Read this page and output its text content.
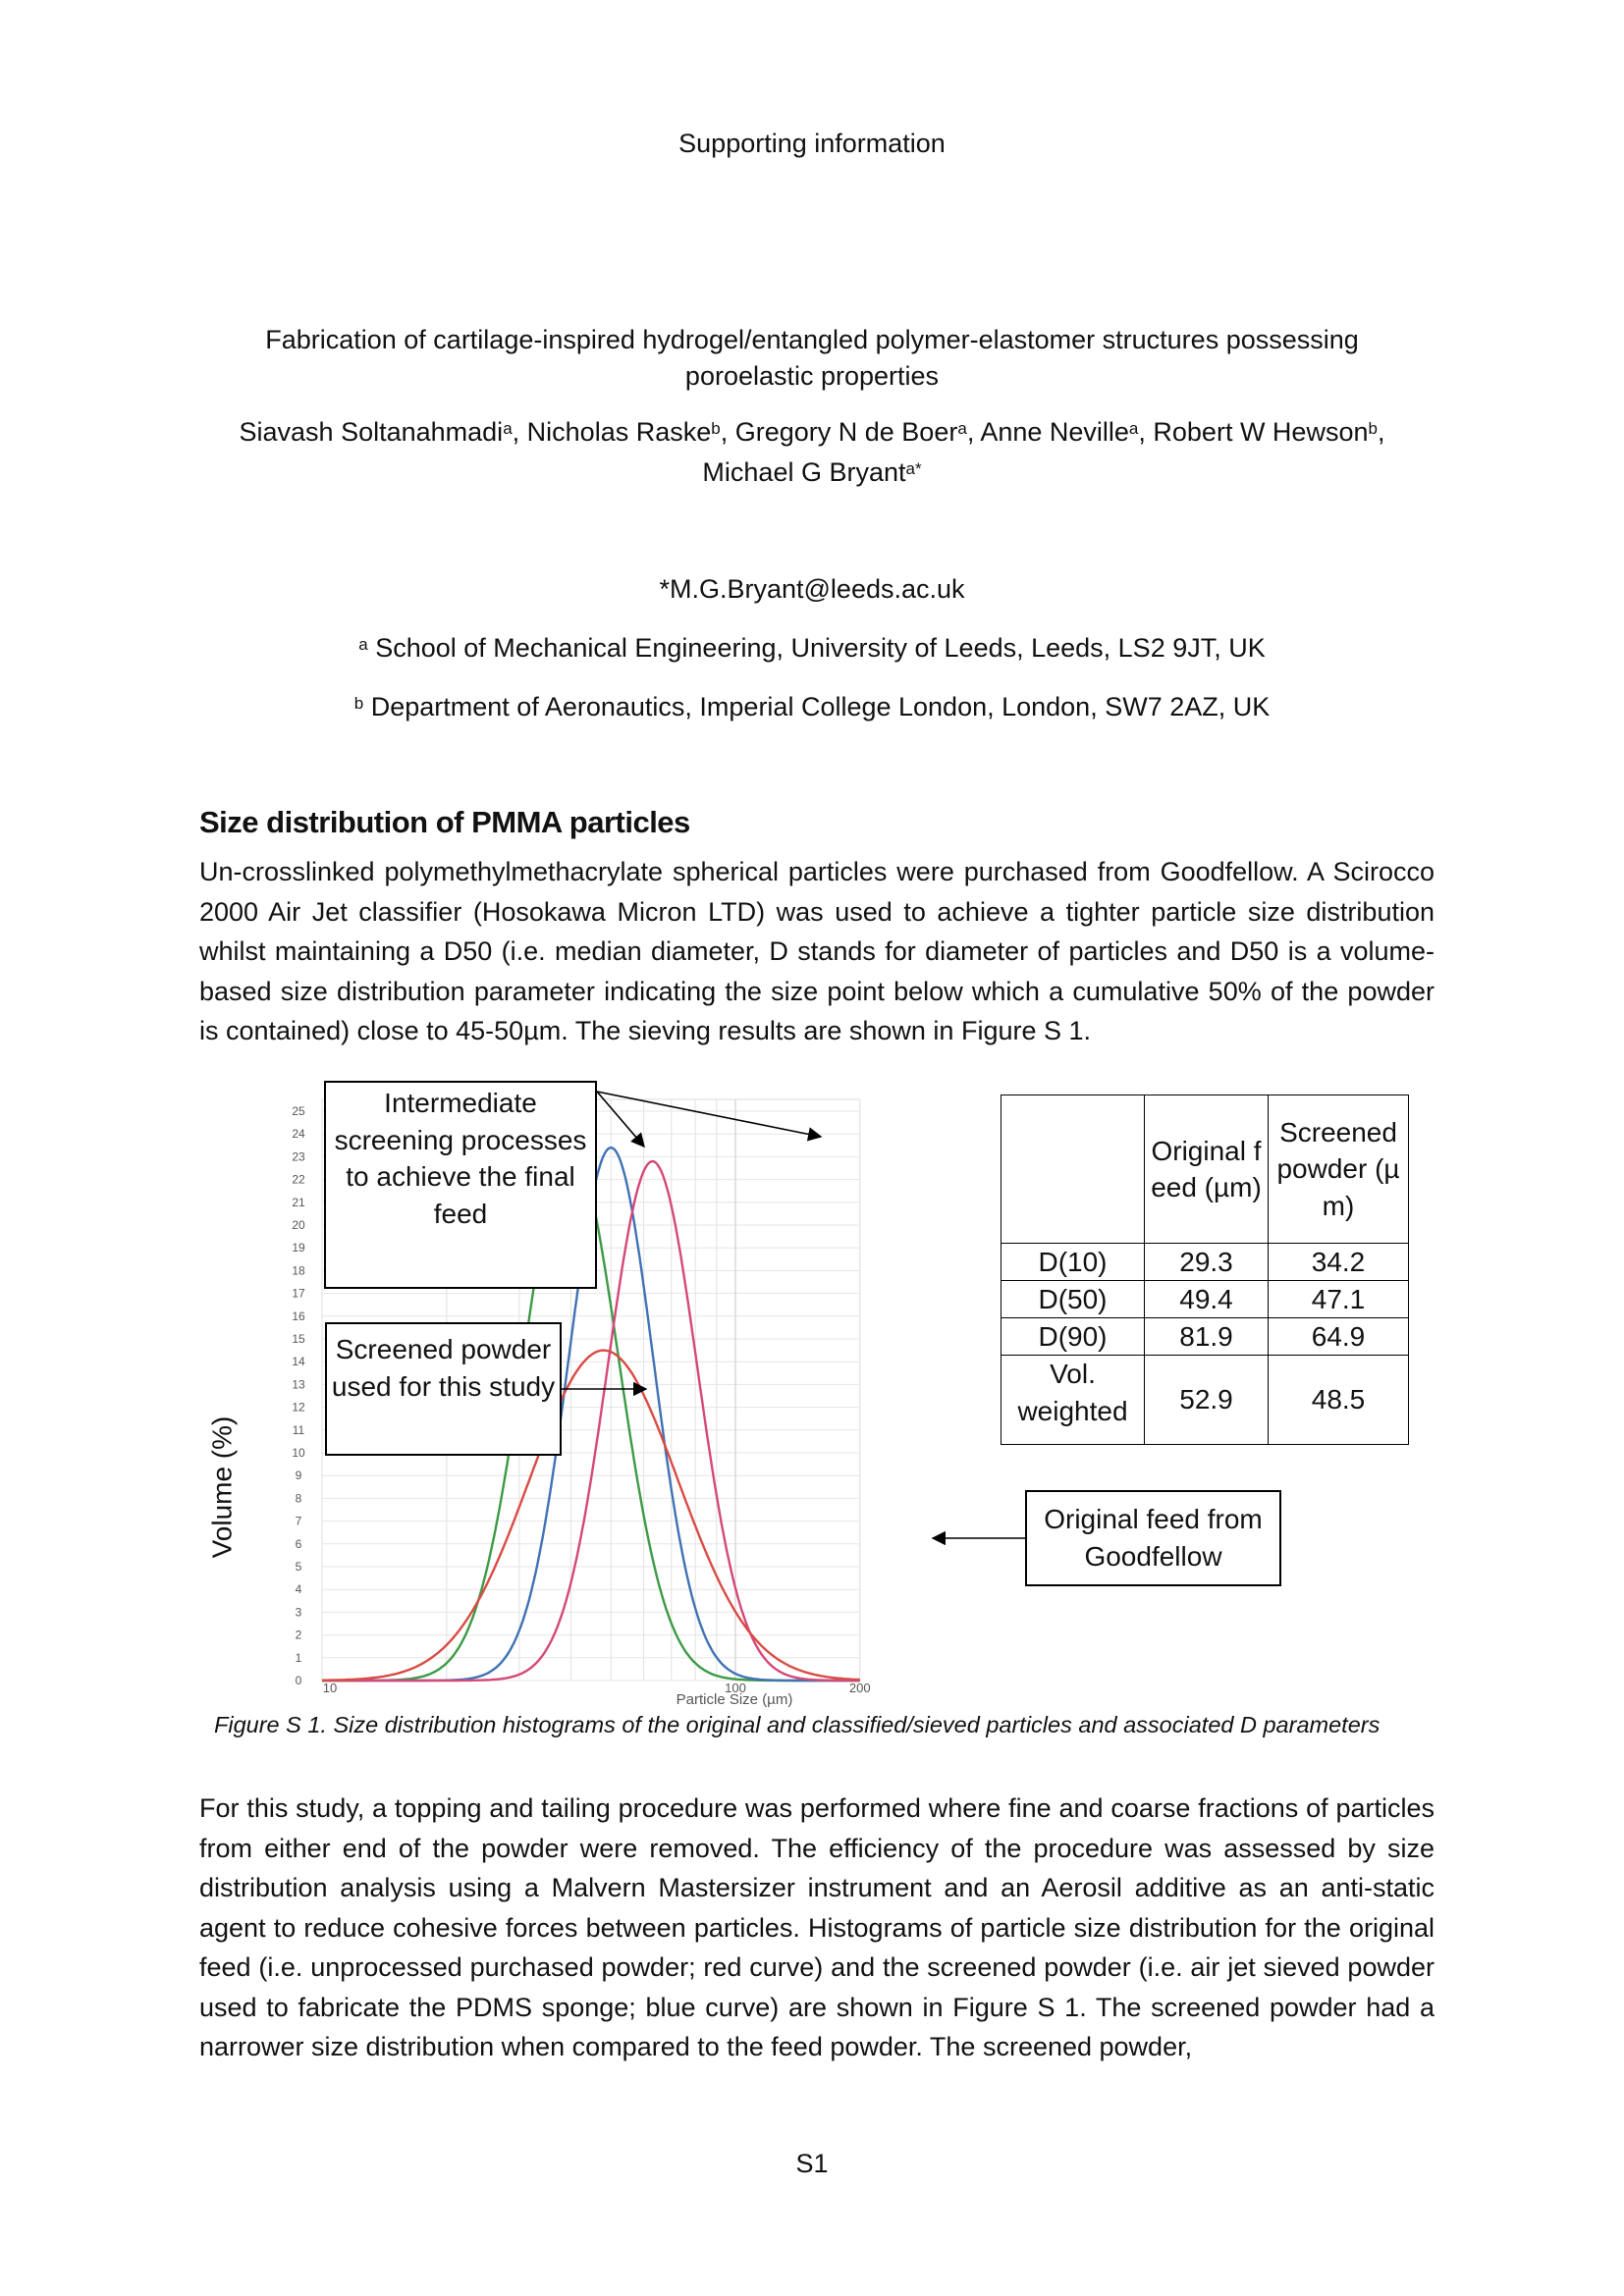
Supporting information
Fabrication of cartilage-inspired hydrogel/entangled polymer-elastomer structures possessing poroelastic properties
Siavash Soltanahmadi$^a$, Nicholas Raske$^b$, Gregory N de Boer$^a$, Anne Neville$^a$, Robert W Hewson$^b$,
Michael G Bryant$^{a*}$
*M.G.Bryant@leeds.ac.uk
$^a$ School of Mechanical Engineering, University of Leeds, Leeds, LS2 9JT, UK
$^b$ Department of Aeronautics, Imperial College London, London, SW7 2AZ, UK
Size distribution of PMMA particles
Un-crosslinked polymethylmethacrylate spherical particles were purchased from Goodfellow. A Scirocco 2000 Air Jet classifier (Hosokawa Micron LTD) was used to achieve a tighter particle size distribution whilst maintaining a D50 (i.e. median diameter, D stands for diameter of particles and D50 is a volume-based size distribution parameter indicating the size point below which a cumulative 50% of the powder is contained) close to 45-50µm. The sieving results are shown in Figure S 1.
0
1
2
3
4
5
6
7
8
9
10
11
12
13
14
15
16
17
18
19
20
21
22
23
24
25
10	100	200
Volume (%)
Particle Size (µm)
Intermediate screening processes to achieve the final feed
Screened powder used for this study
Original feed from Goodfellow
	Original feed (µm)	Screened powder (µm)
D(10)	29.3	34.2
D(50)	49.4	47.1
D(90)	81.9	64.9
Vol. weighted	52.9	48.5
Figure S 1. Size distribution histograms of the original and classified/sieved particles and associated D parameters
For this study, a topping and tailing procedure was performed where fine and coarse fractions of particles from either end of the powder were removed. The efficiency of the procedure was assessed by size distribution analysis using a Malvern Mastersizer instrument and an Aerosil additive as an anti-static agent to reduce cohesive forces between particles. Histograms of particle size distribution for the original feed (i.e. unprocessed purchased powder; red curve) and the screened powder (i.e. air jet sieved powder used to fabricate the PDMS sponge; blue curve) are shown in Figure S 1. The screened powder had a narrower size distribution when compared to the feed powder. The screened powder,
S1
